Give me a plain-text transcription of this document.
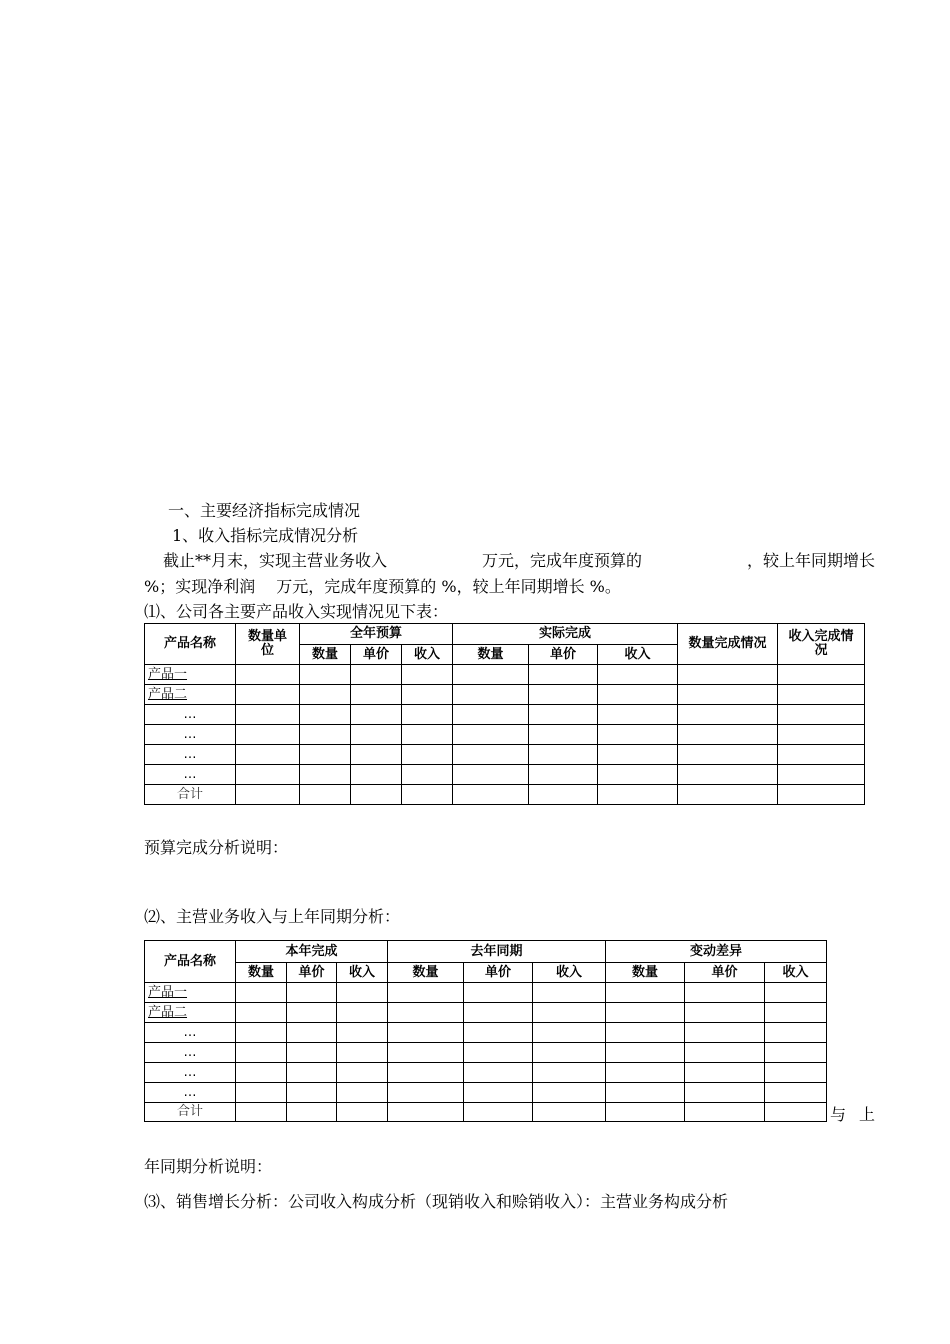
一、主要经济指标完成情况
1、收入指标完成情况分析
截止**月末，实现主营业务收入	万元，完成年度预算的	，较上年同期增长
%；实现净利润　 万元，完成年度预算的 %，较上年同期增长 %。
⑴、公司各主要产品收入实现情况见下表：
产品名称	数量单位	全年预算			实际完成			数量完成情况	收入完成情况
		数量	单价	收入	数量	单价	收入		
产品一									
产品二									
…									
…									
…									
…									
合计									
预算完成分析说明：
⑵、主营业务收入与上年同期分析：
产品名称	本年完成			去年同期			变动差异		
	数量	单价	收入	数量	单价	收入	数量	单价	收入
产品一									
产品二									
…									
…									
…									
…									
合计										与 上
年同期分析说明：
⑶、销售增长分析：公司收入构成分析（现销收入和赊销收入）：主营业务构成分析
